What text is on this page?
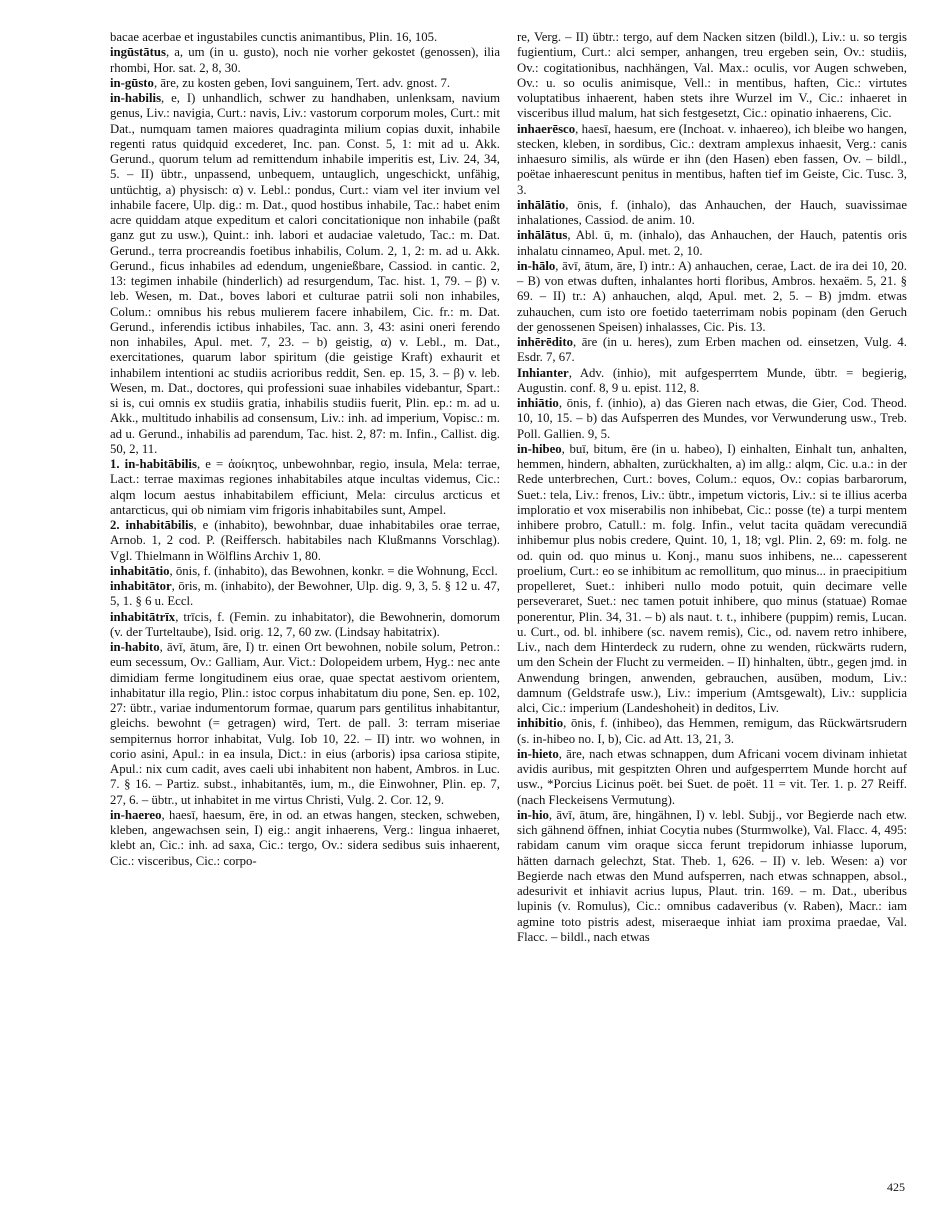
bacae acerbae et ingustabiles cunctis animantibus, Plin. 16, 105.

ingūstātus, a, um (in u. gusto), noch nie vorher gekostet (genossen), ilia rhombi, Hor. sat. 2, 8, 30.

in-gūsto, āre, zu kosten geben, Iovi sanguinem, Tert. adv. gnost. 7.

in-habilis, e, I) unhandlich, schwer zu handhaben, unlenksam, navium genus, Liv.: navigia, Curt.: navis, Liv.: vastorum corporum moles, Curt.: mit Dat., numquam tamen maiores quadraginta milium copias duxit, inhabile regenti ratus quidquid excederet, Inc. pan. Const. 5, 1: mit ad u. Akk. Gerund., quorum telum ad remittendum inhabile imperitis est, Liv. 24, 34, 5. – II) übtr., unpassend, unbequem, untauglich, ungeschickt, unfähig, untüchtig, a) physisch: α) v. Lebl.: pondus, Curt.: viam vel iter invium vel inhabile facere, Ulp. dig.: m. Dat., quod hostibus inhabile, Tac.: habet enim acre quiddam atque expeditum et calori concitationique non inhabile (paßt ganz gut zu usw.), Quint.: inh. labori et audaciae valetudo, Tac.: m. Dat. Gerund., terra procreandis foetibus inhabilis, Colum. 2, 1, 2: m. ad u. Akk. Gerund., ficus inhabiles ad edendum, ungenießbare, Cassiod. in cantic. 2, 13: tegimen inhabile (hinderlich) ad resurgendum, Tac. hist. 1, 79. – β) v. leb. Wesen, m. Dat., boves labori et culturae patrii soli non inhabiles, Colum.: omnibus his rebus mulierem facere inhabilem, Cic. fr.: m. Dat. Gerund., inferendis ictibus inhabiles, Tac. ann. 3, 43: asini oneri ferendo non inhabiles, Apul. met. 7, 23. – b) geistig, α) v. Lebl., m. Dat., exercitationes, quarum labor spiritum (die geistige Kraft) exhaurit et inhabilem intentioni ac studiis acrioribus reddit, Sen. ep. 15, 3. – β) v. leb. Wesen, m. Dat., doctores, qui professioni suae inhabiles videbantur, Spart.: si is, cui omnis ex studiis gratia, inhabilis studiis fuerit, Plin. ep.: m. ad u. Akk., multitudo inhabilis ad consensum, Liv.: inh. ad imperium, Vopisc.: m. ad u. Gerund., inhabilis ad parendum, Tac. hist. 2, 87: m. Infin., Callist. dig. 50, 2, 11.

1. in-habitābilis, e = ἀοίκητος, unbewohnbar, regio, insula, Mela: terrae, Lact.: terrae maximas regiones inhabitabiles atque incultas videmus, Cic.: alqm locum aestus inhabitabilem efficiunt, Mela: circulus arcticus et antarcticus, qui ob nimiam vim frigoris inhabitabiles sunt, Ampel.

2. inhabitābilis, e (inhabito), bewohnbar, duae inhabitabiles orae terrae, Arnob. 1, 2 cod. P. (Reiffersch. habitabiles nach Klußmanns Vorschlag). Vgl. Thielmann in Wölflins Archiv 1, 80.

inhabitātio, ōnis, f. (inhabito), das Bewohnen, konkr. = die Wohnung, Eccl.

inhabitātor, ōris, m. (inhabito), der Bewohner, Ulp. dig. 9, 3, 5. § 12 u. 47, 5, 1. § 6 u. Eccl.

inhabitātrīx, trīcis, f. (Femin. zu inhabitator), die Bewohnerin, domorum (v. der Turteltaube), Isid. orig. 12, 7, 60 zw. (Lindsay habitatrix).

in-habito, āvī, ātum, āre, I) tr. einen Ort bewohnen, nobile solum, Petron.: eum secessum, Ov.: Galliam, Aur. Vict.: Dolopeidem urbem, Hyg.: nec ante dimidiam ferme longitudinem eius orae, quae spectat aestivom orientem, inhabitatur illa regio, Plin.: istoc corpus inhabitatum diu pone, Sen. ep. 102, 27: übtr., variae indumentorum formae, quarum pars gentilitus inhabitantur, gleichs. bewohnt (= getragen) wird, Tert. de pall. 3: terram miseriae sempiternus horror inhabitat, Vulg. Iob 10, 22. – II) intr. wo wohnen, in corio asini, Apul.: in ea insula, Dict.: in eius (arboris) ipsa cariosa stipite, Apul.: nix cum cadit, aves caeli ubi inhabitent non habent, Ambros. in Luc. 7. § 16. – Partiz. subst., inhabitantēs, ium, m., die Einwohner, Plin. ep. 7, 27, 6. – übtr., ut inhabitet in me virtus Christi, Vulg. 2. Cor. 12, 9.

in-haereo, haesī, haesum, ēre, in od. an etwas hangen, stecken, schweben, kleben, angewachsen sein, I) eig.: angit inhaerens, Verg.: lingua inhaeret, klebt an, Cic.: inh. ad saxa, Cic.: tergo, Ov.: sidera sedibus suis inhaerent, Cic.: visceribus, Cic.: corpo-

re, Verg. – II) übtr.: tergo, auf dem Nacken sitzen (bildl.), Liv.: u. so tergis fugientium, Curt.: alci semper, anhangen, treu ergeben sein, Ov.: studiis, Ov.: cogitationibus, nachhängen, Val. Max.: oculis, vor Augen schweben, Ov.: u. so oculis animisque, Vell.: in mentibus, haften, Cic.: virtutes voluptatibus inhaerent, haben stets ihre Wurzel im V., Cic.: inhaeret in visceribus illud malum, hat sich festgesetzt, Cic.: opinatio inhaerens, Cic.

inhaerēsco, haesī, haesum, ere (Inchoat. v. inhaereo), ich bleibe wo hangen, stecken, kleben, in sordibus, Cic.: dextram amplexus inhaesit, Verg.: canis inhaesuro similis, als würde er ihn (den Hasen) eben fassen, Ov. – bildl., poëtae inhaerescunt penitus in mentibus, haften tief im Geiste, Cic. Tusc. 3, 3.

inhālātio, ōnis, f. (inhalo), das Anhauchen, der Hauch, suavissimae inhalationes, Cassiod. de anim. 10.

inhālātus, Abl. ū, m. (inhalo), das Anhauchen, der Hauch, patentis oris inhalatu cinnameo, Apul. met. 2, 10.

in-hālo, āvī, ātum, āre, I) intr.: A) anhauchen, cerae, Lact. de ira dei 10, 20. – B) von etwas duften, inhalantes horti floribus, Ambros. hexaëm. 5, 21. § 69. – II) tr.: A) anhauchen, alqd, Apul. met. 2, 5. – B) jmdm. etwas zuhauchen, cum isto ore foetido taeterrimam nobis popinam (den Geruch der genossenen Speisen) inhalasses, Cic. Pis. 13.

inhērēdito, āre (in u. heres), zum Erben machen od. einsetzen, Vulg. 4. Esdr. 7, 67.

Inhianter, Adv. (inhio), mit aufgesperrtem Munde, übtr. = begierig, Augustin. conf. 8, 9 u. epist. 112, 8.

inhiātio, ōnis, f. (inhio), a) das Gieren nach etwas, die Gier, Cod. Theod. 10, 10, 15. – b) das Aufsperren des Mundes, vor Verwunderung usw., Treb. Poll. Gallien. 9, 5.

in-hibeo, buī, bitum, ēre (in u. habeo), I) einhalten, Einhalt tun, anhalten, hemmen, hindern, abhalten, zurückhalten, a) im allg.: alqm, Cic. u.a.: in der Rede unterbrechen, Curt.: boves, Colum.: equos, Ov.: copias barbarorum, Suet.: tela, Liv.: frenos, Liv.: übtr., impetum victoris, Liv.: si te illius acerba imploratio et vox miserabilis non inhibebat, Cic.: posse (te) a turpi mentem inhibere probro, Catull.: m. folg. Infin., velut tacita quādam verecundiā inhibemur plus nobis credere, Quint. 10, 1, 18; vgl. Plin. 2, 69: m. folg. ne od. quin od. quo minus u. Konj., manu suos inhibens, ne... capesserent proelium, Curt.: eo se inhibitum ac remollitum, quo minus... in praecipitium propelleret, Suet.: inhiberi nullo modo potuit, quin decimare velle perseveraret, Suet.: nec tamen potuit inhibere, quo minus (statuae) Romae ponerentur, Plin. 34, 31. – b) als naut. t. t., inhibere (puppim) remis, Lucan. u. Curt., od. bl. inhibere (sc. navem remis), Cic., od. navem retro inhibere, Liv., nach dem Hinterdeck zu rudern, ohne zu wenden, rückwärts rudern, um den Schein der Flucht zu vermeiden. – II) hinhalten, übtr., gegen jmd. in Anwendung bringen, anwenden, gebrauchen, ausüben, modum, Liv.: damnum (Geldstrafe usw.), Liv.: imperium (Amtsgewalt), Liv.: supplicia alci, Cic.: imperium (Landeshoheit) in deditos, Liv.

inhibitio, ōnis, f. (inhibeo), das Hemmen, remigum, das Rückwärtsrudern (s. in-hibeo no. I, b), Cic. ad Att. 13, 21, 3.

in-hieto, āre, nach etwas schnappen, dum Africani vocem divinam inhietat avidis auribus, mit gespitzten Ohren und aufgesperrtem Munde horcht auf usw., *Porcius Licinus poët. bei Suet. de poët. 11 = vit. Ter. 1. p. 27 Reiff. (nach Fleckeisens Vermutung).

in-hio, āvī, ātum, āre, hingähnen, I) v. lebl. Subjj., vor Begierde nach etw. sich gähnend öffnen, inhiat Cocytia nubes (Sturmwolke), Val. Flacc. 4, 495: rabidam canum vim oraque sicca ferunt trepidorum inhiasse luporum, hätten darnach gelechzt, Stat. Theb. 1, 626. – II) v. leb. Wesen: a) vor Begierde nach etwas den Mund aufsperren, nach etwas schnappen, absol., adesurivit et inhiavit acrius lupus, Plaut. trin. 169. – m. Dat., uberibus lupinis (v. Romulus), Cic.: omnibus cadaveribus (v. Raben), Macr.: iam agmine toto pistris adest, miseraeque inhiat iam proxima praedae, Val. Flacc. – bildl., nach etwas

425
